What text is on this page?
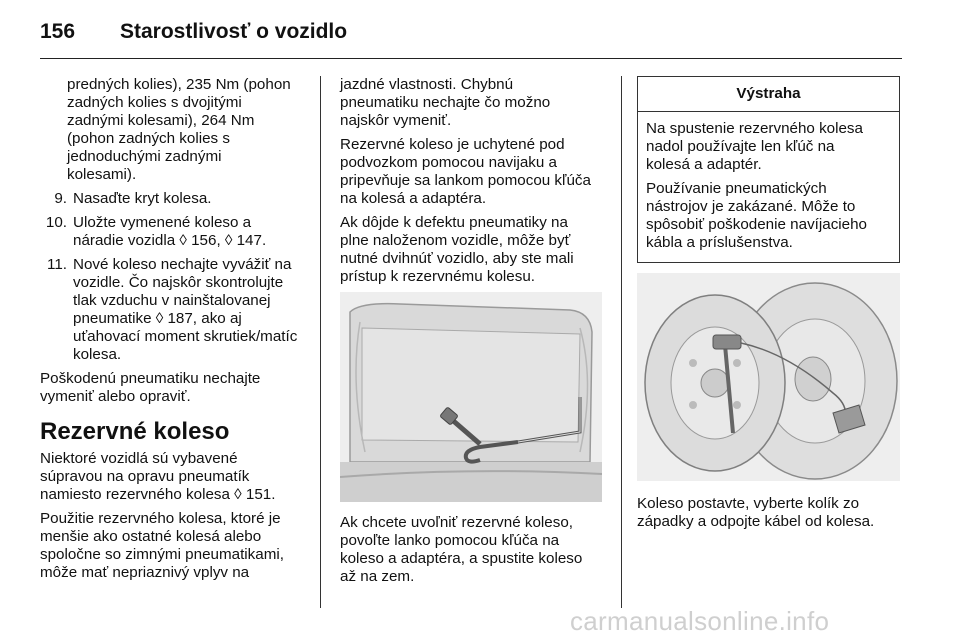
156 Starostlivosť o vozidlo
predných kolies), 235 Nm (pohon
zadných kolies s dvojitými
zadnými kolesami), 264 Nm
(pohon zadných kolies s
jednoduchými zadnými
kolesami).
9. Nasaďte kryt kolesa.
10. Uložte vymenené koleso a
náradie vozidla ◊ 156, ◊ 147.
11. Nové koleso nechajte vyvážiť na
vozidle. Čo najskôr skontrolujte
tlak vzduchu v nainštalovanej
pneumatike ◊ 187, ako aj
uťahovací moment skrutiek/matíc
kolesa.

Poškodenú pneumatiku nechajte
vymeniť alebo opraviť.

Rezervné koleso

Niektoré vozidlá sú vybavené
súpravou na opravu pneumatík
namiesto rezervného kolesa ◊ 151.

Použitie rezervného kolesa, ktoré je
menšie ako ostatné kolesá alebo
spoločne so zimnými pneumatikami,
môže mať nepriaznivý vplyv na

jazdné vlastnosti. Chybnú
pneumatiku nechajte čo možno
najskôr vymeniť.

Rezervné koleso je uchytené pod
podvozkom pomocou navijaku a
pripevňuje sa lankom pomocou kľúča
na kolesá a adaptéra.

Ak dôjde k defektu pneumatiky na
plne naloženom vozidle, môže byť
nutné dvihnúť vozidlo, aby ste mali
prístup k rezervnému kolesu.

Ak chcete uvoľniť rezervné koleso,
povoľte lanko pomocou kľúča na
koleso a adaptéra, a spustite koleso
až na zem.

Výstraha

Na spustenie rezervného kolesa
nadol používajte len kľúč na
kolesá a adaptér.

Používanie pneumatických
nástrojov je zakázané. Môže to
spôsobiť poškodenie navíjacieho
kábla a príslušenstva.

Koleso postavte, vyberte kolík zo
západky a odpojte kábel od kolesa.

carmanualsonline.info
